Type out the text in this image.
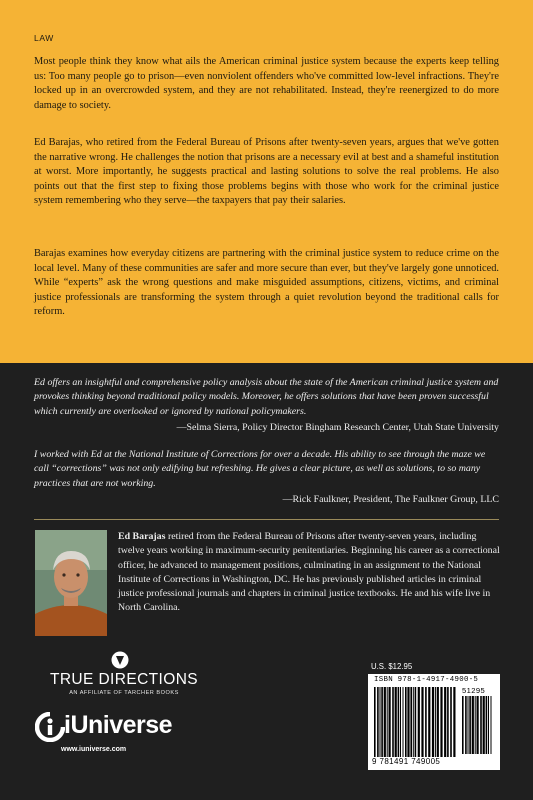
LAW

Most people think they know what ails the American criminal justice system because the experts keep telling us: Too many people go to prison—even nonviolent offenders who've committed low-level infractions. They're locked up in an overcrowded system, and they are not rehabilitated. Instead, they're reenergized to do more damage to society.

Ed Barajas, who retired from the Federal Bureau of Prisons after twenty-seven years, argues that we've gotten the narrative wrong. He challenges the notion that prisons are a necessary evil at best and a shameful institution at worst. More importantly, he suggests practical and lasting solutions to solve the real problems. He also points out that the first step to fixing those problems begins with those who work for the criminal justice system remembering who they serve—the taxpayers that pay their salaries.

Barajas examines how everyday citizens are partnering with the criminal justice system to reduce crime on the local level. Many of these communities are safer and more secure than ever, but they've largely gone unnoticed. While “experts” ask the wrong questions and make misguided assumptions, citizens, victims, and criminal justice professionals are transforming the system through a quiet revolution beyond the traditional calls for reform.

Ed offers an insightful and comprehensive policy analysis about the state of the American criminal justice system and provokes thinking beyond traditional policy models. Moreover, he offers solutions that have been proven successful which currently are overlooked or ignored by national policymakers.

—Selma Sierra, Policy Director Bingham Research Center, Utah State University

I worked with Ed at the National Institute of Corrections for over a decade. His ability to see through the maze we call “corrections” was not only edifying but refreshing. He gives a clear picture, as well as solutions, to so many practices that are not working.

—Rick Faulkner, President, The Faulkner Group, LLC

Ed Barajas retired from the Federal Bureau of Prisons after twenty-seven years, including twelve years working in maximum-security penitentiaries. Beginning his career as a correctional officer, he advanced to management positions, culminating in an assignment to the National Institute of Corrections in Washington, DC. He has previously published articles in criminal justice professional journals and chapters in criminal justice textbooks. He and his wife live in North Carolina.

TRUE DIRECTIONS
AN AFFILIATE OF TARCHER BOOKS
iUniverse
www.iuniverse.com
U.S. $12.95
ISBN 978-1-4917-4900-5
9 781491 749005
51295
